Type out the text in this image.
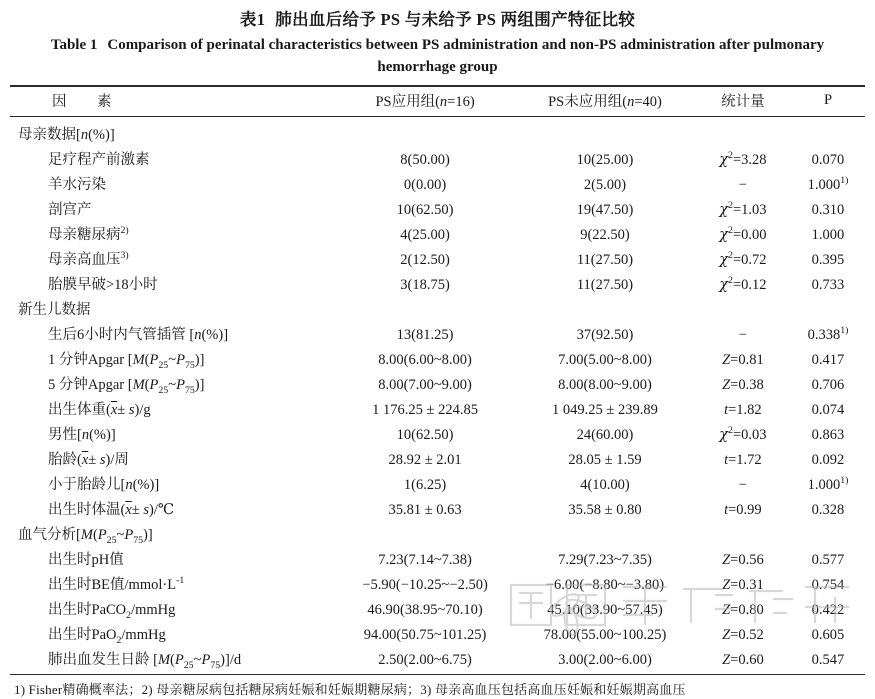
表1 肺出血后给予 PS 与未给予 PS 两组围产特征比较
Table 1 Comparison of perinatal characteristics between PS administration and non-PS administration after pulmonary hemorrhage group
因　　素	PS应用组(n=16)	PS未应用组(n=40)	统计量	P
母亲数据[n(%)]				
足疗程产前激素	8(50.00)	10(25.00)	$\chi^2=3.28$	0.070
羊水污染	0(0.00)	2(5.00)	−	$1.000^{1)}$
剖宫产	10(62.50)	19(47.50)	$\chi^2=1.03$	0.310
母亲糖尿病$^{2)}$	4(25.00)	9(22.50)	$\chi^2=0.00$	1.000
母亲高血压$^{3)}$	2(12.50)	11(27.50)	$\chi^2=0.72$	0.395
胎膜早破>18小时	3(18.75)	11(27.50)	$\chi^2=0.12$	0.733
新生儿数据				
生后6小时内气管插管 [n(%)]	13(81.25)	37(92.50)	−	$0.338^{1)}$
1 分钟Apgar $[M(P_{25}\sim P_{75})]$	8.00(6.00~8.00)	7.00(5.00~8.00)	Z=0.81	0.417
5 分钟Apgar $[M(P_{25}\sim P_{75})]$	8.00(7.00~9.00)	8.00(8.00~9.00)	Z=0.38	0.706
出生体重$(\overline{x}\pm s)/g$	1 176.25 ± 224.85	1 049.25 ± 239.89	t=1.82	0.074
男性[n(%)]	10(62.50)	24(60.00)	$\chi^2=0.03$	0.863
胎龄$(\overline{x}\pm s)/$周	28.92 ± 2.01	28.05 ± 1.59	t=1.72	0.092
小于胎龄儿[n(%)]	1(6.25)	4(10.00)	−	$1.000^{1)}$
出生时体温($\overline{x}\pm$ s)/℃	35.81 ± 0.63	35.58 ± 0.80	t=0.99	0.328
血气分析$[M(P_{25}\sim P_{75})]$				
出生时pH值	7.23(7.14~7.38)	7.29(7.23~7.35)	Z=0.56	0.577
出生时BE值$/mmol\cdot L^{-1}$	−5.90(−10.25~−2.50)	−6.00(−8.80~−3.80)	Z=0.31	0.754
出生时PaCO$_2$/mmHg	46.90(38.95~70.10)	45.10(33.90~57.45)	Z=0.80	0.422
出生时PaO$_2$/mmHg	94.00(50.75~101.25)	78.00(55.00~100.25)	Z=0.52	0.605
肺出血发生日龄 $[M(P_{25}\sim P_{75})]/d$	2.50(2.00~6.75)	3.00(2.00~6.00)	Z=0.60	0.547
1) Fisher精确概率法；2) 母亲糖尿病包括糖尿病妊娠和妊娠期糖尿病；3) 母亲高血压包括高血压妊娠和妊娠期高血压
